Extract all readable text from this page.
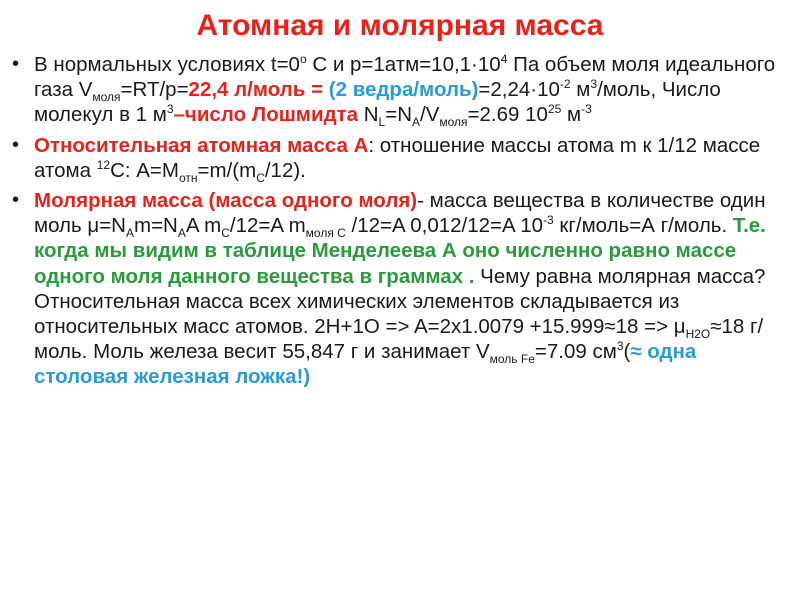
Атомная и молярная масса
• В нормальных условиях $t=0^o$ С и $p=1атм=10,1\cdot 10^4$ Па объем моля идеального газа $V_{моля}=RT/p=22,4$ л/моль = (2 ведра/$моль)=2,24\cdot 10^{-2}$ $м^3$/моль, Число молекул в 1 $м^3$–число Лошмидта $N_L=N_A/V_{моля}=2.69$ $10^{25}$ $м^{-3}$
• Относительная атомная масса А: отношение массы атома m к 1/12 массе атома $^{12}$C: $А=M_{отн}=m/(m_C/12)$.
• Молярная масса (масса одного моля)- масса вещества в количестве один моль $\mu=N_Am=N_AA$ $m_C/12=A$ $m_{моля C}$ /12=A 0,012/12=A $10^{-3}$ кг/моль=А г/моль. Т.е. когда мы видим в таблице Менделеева А оно численно равно массе одного моля данного вещества в граммах . Чему равна молярная масса? Относительная масса всех химических элементов складывается из относительных масс атомов. $2H+1O => A=2x1.0079 +15.999\approx 18 => \mu_{H2O}\approx 18$ г/моль. Моль железа весит 55,847 г и занимает $V_{моль Fe}=7.09$ $см^3(\approx$ одна столовая железная ложка!)
